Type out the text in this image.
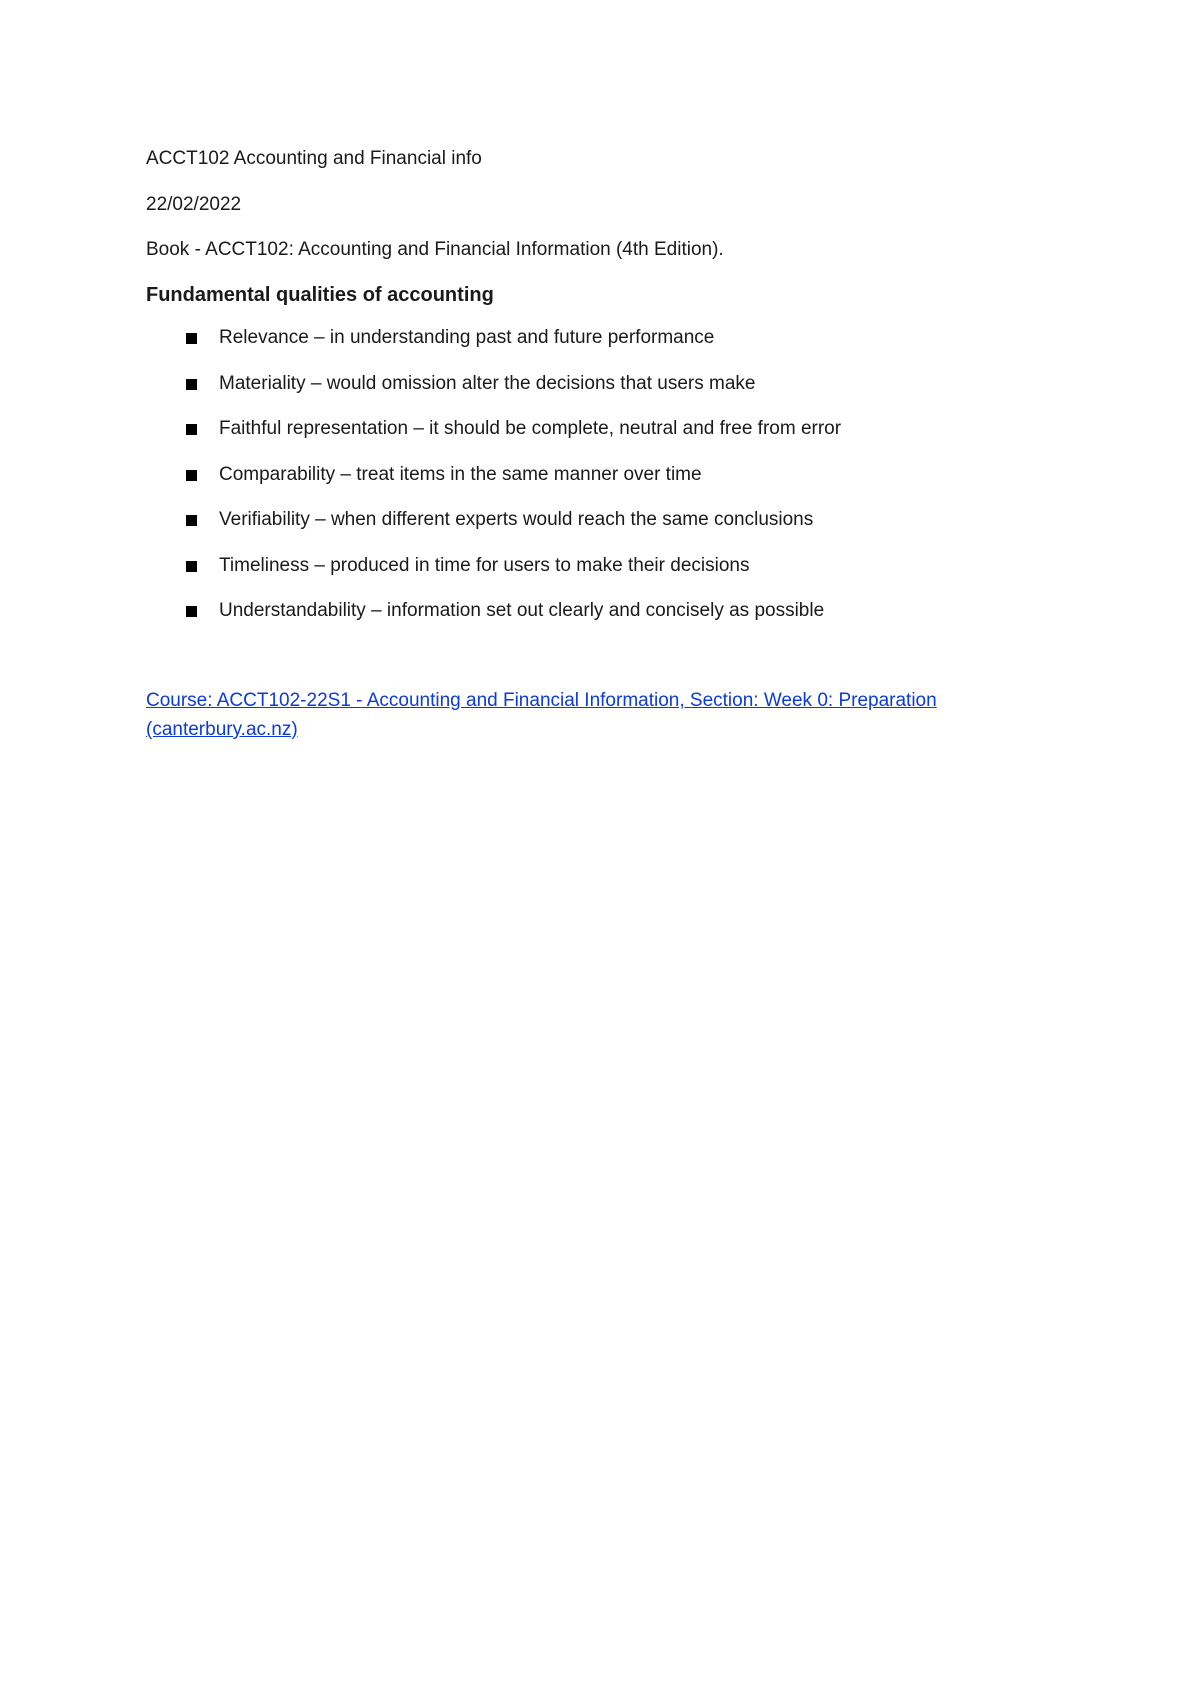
ACCT102 Accounting and Financial info

22/02/2022

Book - ACCT102: Accounting and Financial Information (4th Edition).

Fundamental qualities of accounting

Relevance – in understanding past and future performance
Materiality – would omission alter the decisions that users make
Faithful representation – it should be complete, neutral and free from error
Comparability – treat items in the same manner over time
Verifiability – when different experts would reach the same conclusions
Timeliness – produced in time for users to make their decisions
Understandability – information set out clearly and concisely as possible
Course: ACCT102-22S1 - Accounting and Financial Information, Section: Week 0: Preparation (canterbury.ac.nz)
